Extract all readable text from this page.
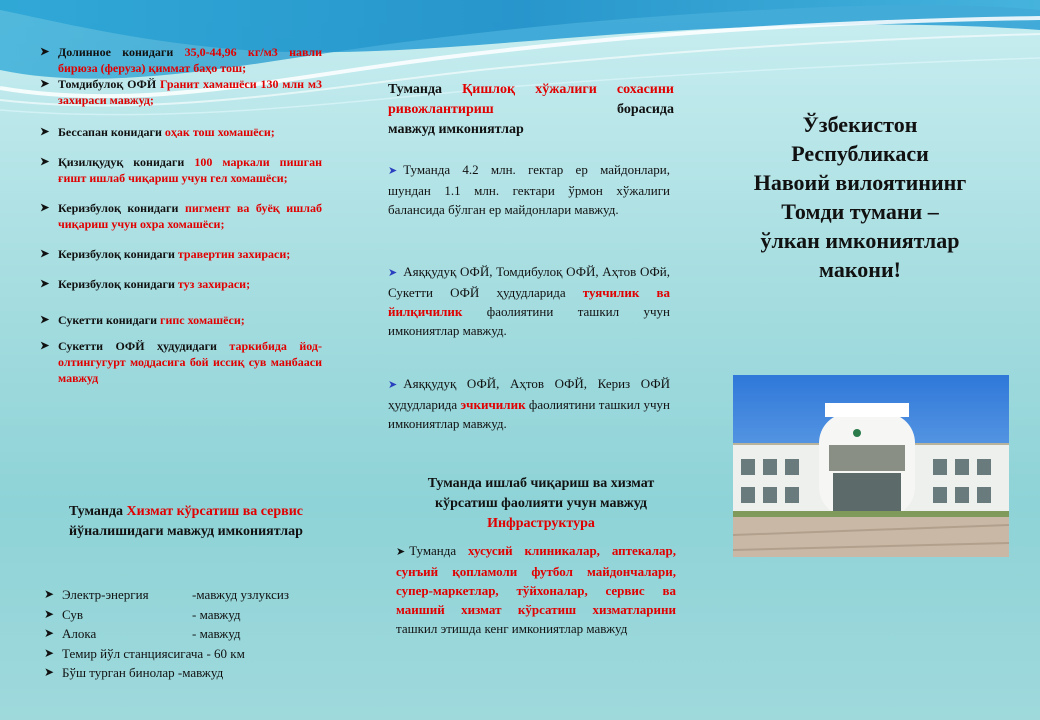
➤ Долинное конидаги 35,0-44,96 кг/м3 навли бирюза (феруза) қиммат баҳо тош;
➤ Томдибулоқ ОФЙ Гранит хамашёси 130 млн м3 захираси мавжуд;
➤ Бессапан конидаги оҳак тош хомашёси;
➤ Қизилқудуқ конидаги 100 маркали пишган ғишт ишлаб чиқариш учун гел хомашёси;
➤ Керизбулоқ конидаги пигмент ва буёқ ишлаб чиқариш учун охра хомашёси;
➤ Керизбулоқ конидаги травертин захираси;
➤ Керизбулоқ конидаги туз захираси;
➤ Сукетти конидаги гипс хомашёси;
➤ Сукетти ОФЙ ҳудудидаги таркибида йод-олтингугурт моддасига бой иссиқ сув манбааси мавжуд
Туманда Хизмат кўрсатиш ва сервис йўналишидаги мавжуд имкониятлар
➤ Электр-энергия	-мавжуд узлуксиз
➤ Сув	- мавжуд
➤ Алока	- мавжуд
➤ Темир йўл станциясигача - 60 км
➤ Бўш турган бинолар -мавжуд
Туманда Қишлоқ хўжалиги сохасини ривожлантириш борасида
мавжуд имкониятлар
➤ Туманда 4.2 млн. гектар ер майдонлари, шундан 1.1 млн. гектари ўрмон хўжалиги балансида бўлган ер майдонлари мавжуд.
➤ Аяққудуқ ОФЙ, Томдибулоқ ОФЙ, Аҳтов ОФй, Сукетти ОФЙ ҳудудларида туячилик ва йилқичилик фаолиятини ташкил учун имкониятлар мавжуд.
➤ Аяққудуқ ОФЙ, Аҳтов ОФЙ, Кериз ОФЙ ҳудудларида эчкичилик фаолиятини ташкил учун имкониятлар мавжуд.
Туманда ишлаб чиқариш ва хизмат кўрсатиш фаолияти учун мавжуд
Инфраструктура
➤ Туманда хусусий клиникалар, аптекалар, сунъий қопламоли футбол майдончалари, супер-маркетлар, тўйхоналар, сервис ва маиший хизмат кўрсатиш хизматларини ташкил этишда кенг имкониятлар мавжуд
Ўзбекистон
Республикаси
Навоий вилоятининг
Томди тумани –
ўлкан имкониятлар
макони!
